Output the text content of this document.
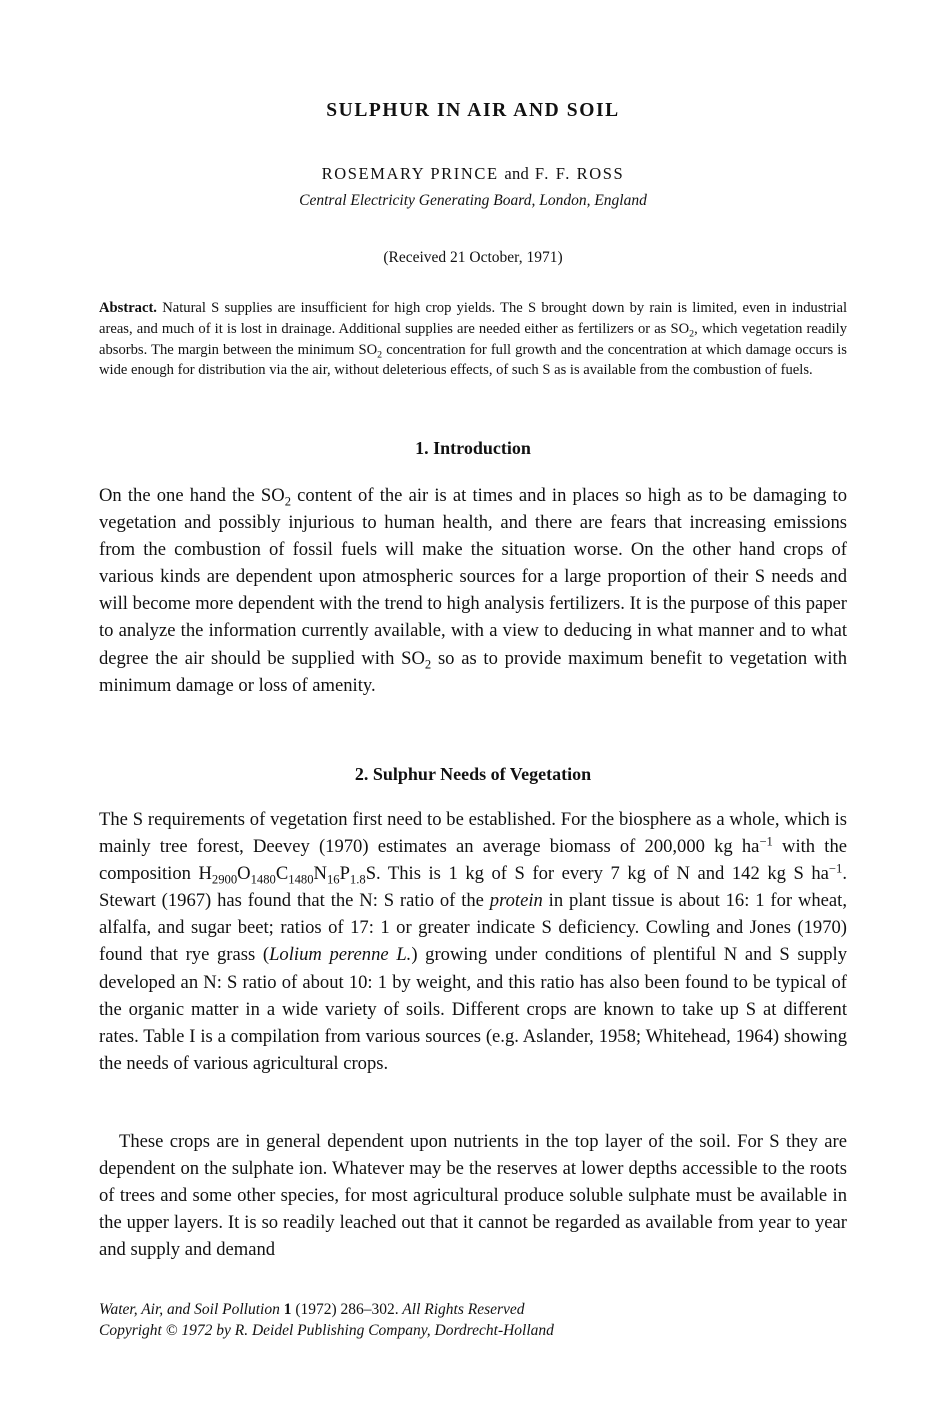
SULPHUR IN AIR AND SOIL
ROSEMARY PRINCE and F. F. ROSS
Central Electricity Generating Board, London, England
(Received 21 October, 1971)

Abstract. Natural S supplies are insufficient for high crop yields. The S brought down by rain is limited, even in industrial areas, and much of it is lost in drainage. Additional supplies are needed either as fertilizers or as $SO_2$, which vegetation readily absorbs. The margin between the minimum $SO_2$ concentration for full growth and the concentration at which damage occurs is wide enough for distribution via the air, without deleterious effects, of such S as is available from the combustion of fuels.

1. Introduction

On the one hand the $SO_2$ content of the air is at times and in places so high as to be damaging to vegetation and possibly injurious to human health, and there are fears that increasing emissions from the combustion of fossil fuels will make the situation worse. On the other hand crops of various kinds are dependent upon atmospheric sources for a large proportion of their S needs and will become more dependent with the trend to high analysis fertilizers. It is the purpose of this paper to analyze the information currently available, with a view to deducing in what manner and to what degree the air should be supplied with $SO_2$ so as to provide maximum benefit to vegetation with minimum damage or loss of amenity.

2. Sulphur Needs of Vegetation

The S requirements of vegetation first need to be established. For the biosphere as a whole, which is mainly tree forest, Deevey (1970) estimates an average biomass of 200,000 kg $ha^{-1}$ with the composition $H_{2900}O_{1480}C_{1480}N_{16}P_{1.8}S$. This is 1 kg of S for every 7 kg of N and 142 kg S $ha^{-1}$. Stewart (1967) has found that the N: S ratio of the protein in plant tissue is about 16: 1 for wheat, alfalfa, and sugar beet; ratios of 17: 1 or greater indicate S deficiency. Cowling and Jones (1970) found that rye grass (Lolium perenne L.) growing under conditions of plentiful N and S supply developed an N: S ratio of about 10: 1 by weight, and this ratio has also been found to be typical of the organic matter in a wide variety of soils. Different crops are known to take up S at different rates. Table I is a compilation from various sources (e.g. Aslander, 1958; Whitehead, 1964) showing the needs of various agricultural crops.

These crops are in general dependent upon nutrients in the top layer of the soil. For S they are dependent on the sulphate ion. Whatever may be the reserves at lower depths accessible to the roots of trees and some other species, for most agricultural produce soluble sulphate must be available in the upper layers. It is so readily leached out that it cannot be regarded as available from year to year and supply and demand

Water, Air, and Soil Pollution 1 (1972) 286–302. All Rights Reserved
Copyright © 1972 by R. Deidel Publishing Company, Dordrecht-Holland
